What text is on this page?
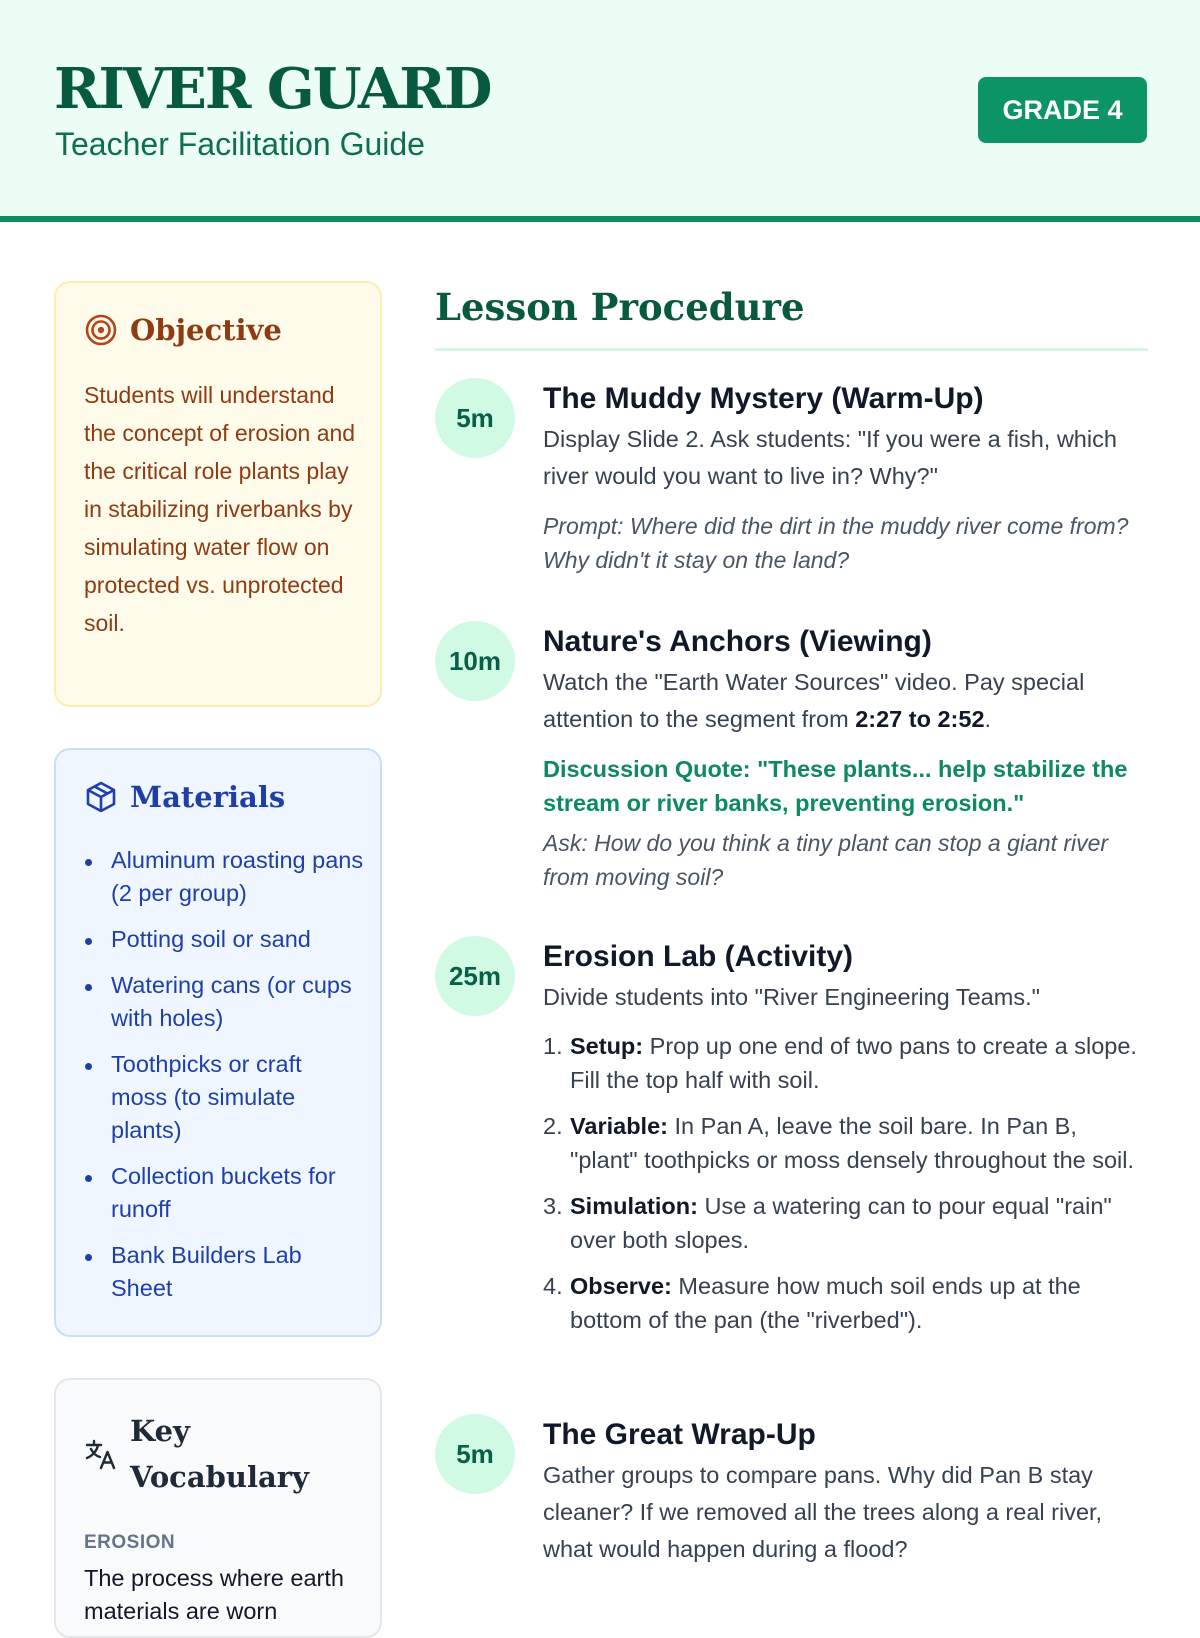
RIVER GUARD
Teacher Facilitation Guide
GRADE 4
Objective
Students will understand the concept of erosion and the critical role plants play in stabilizing riverbanks by simulating water flow on protected vs. unprotected soil.
Materials
Aluminum roasting pans (2 per group)
Potting soil or sand
Watering cans (or cups with holes)
Toothpicks or craft moss (to simulate plants)
Collection buckets for runoff
Bank Builders Lab Sheet
Key Vocabulary
EROSION
The process where earth materials are worn
Lesson Procedure
5m
The Muddy Mystery (Warm-Up)
Display Slide 2. Ask students: "If you were a fish, which river would you want to live in? Why?"
Prompt: Where did the dirt in the muddy river come from? Why didn't it stay on the land?
10m
Nature's Anchors (Viewing)
Watch the "Earth Water Sources" video. Pay special attention to the segment from 2:27 to 2:52.
Discussion Quote: "These plants... help stabilize the stream or river banks, preventing erosion."
Ask: How do you think a tiny plant can stop a giant river from moving soil?
25m
Erosion Lab (Activity)
Divide students into "River Engineering Teams."
1. Setup: Prop up one end of two pans to create a slope. Fill the top half with soil.
2. Variable: In Pan A, leave the soil bare. In Pan B, "plant" toothpicks or moss densely throughout the soil.
3. Simulation: Use a watering can to pour equal "rain" over both slopes.
4. Observe: Measure how much soil ends up at the bottom of the pan (the "riverbed").
5m
The Great Wrap-Up
Gather groups to compare pans. Why did Pan B stay cleaner? If we removed all the trees along a real river, what would happen during a flood?
